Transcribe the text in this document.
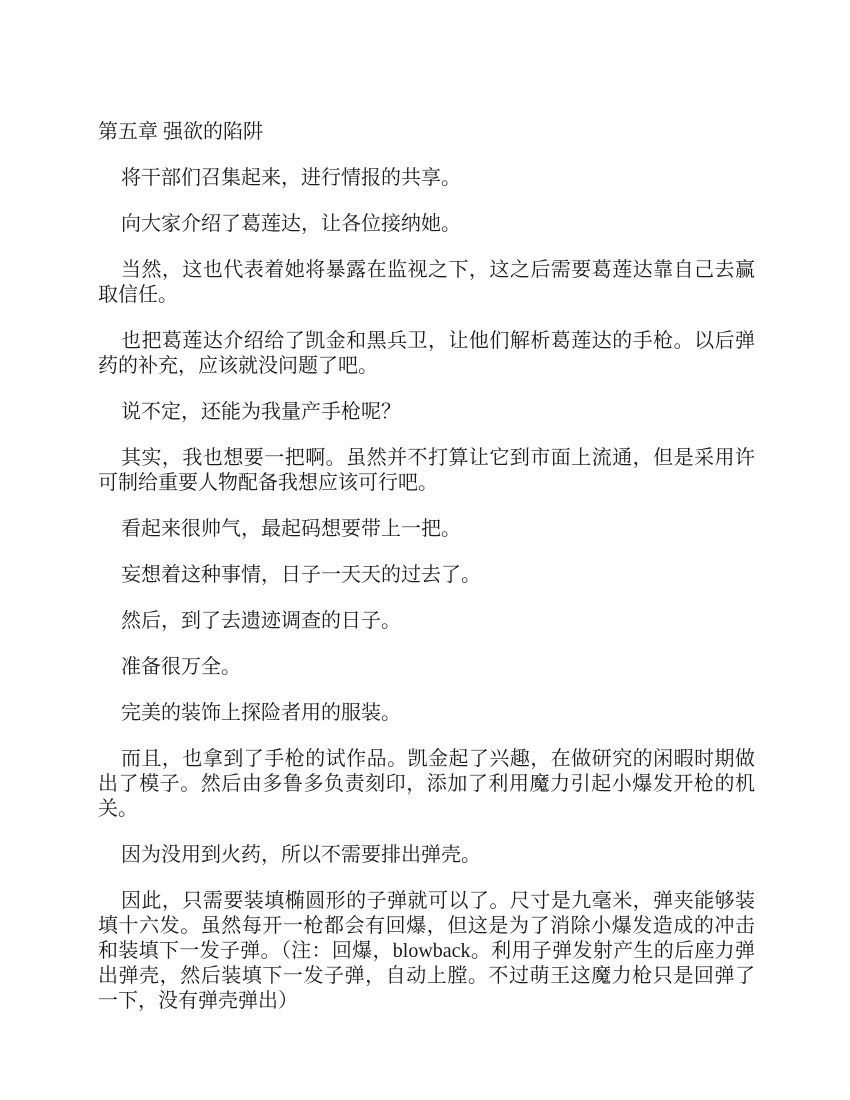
第五章 强欲的陷阱

将干部们召集起来，进行情报的共享。

向大家介绍了葛莲达，让各位接纳她。

当然，这也代表着她将暴露在监视之下，这之后需要葛莲达靠自己去赢取信任。

也把葛莲达介绍给了凯金和黑兵卫，让他们解析葛莲达的手枪。以后弹药的补充，应该就没问题了吧。

说不定，还能为我量产手枪呢？

其实，我也想要一把啊。虽然并不打算让它到市面上流通，但是采用许可制给重要人物配备我想应该可行吧。

看起来很帅气，最起码想要带上一把。

妄想着这种事情，日子一天天的过去了。

然后，到了去遗迹调查的日子。

准备很万全。

完美的装饰上探险者用的服装。

而且，也拿到了手枪的试作品。凯金起了兴趣，在做研究的闲暇时期做出了模子。然后由多鲁多负责刻印，添加了利用魔力引起小爆发开枪的机关。

因为没用到火药，所以不需要排出弹壳。

因此，只需要装填椭圆形的子弹就可以了。尺寸是九毫米，弹夹能够装填十六发。虽然每开一枪都会有回爆，但这是为了消除小爆发造成的冲击和装填下一发子弹。（注：回爆，blowback。利用子弹发射产生的后座力弹出弹壳，然后装填下一发子弹，自动上膛。不过萌王这魔力枪只是回弹了一下，没有弹壳弹出）
